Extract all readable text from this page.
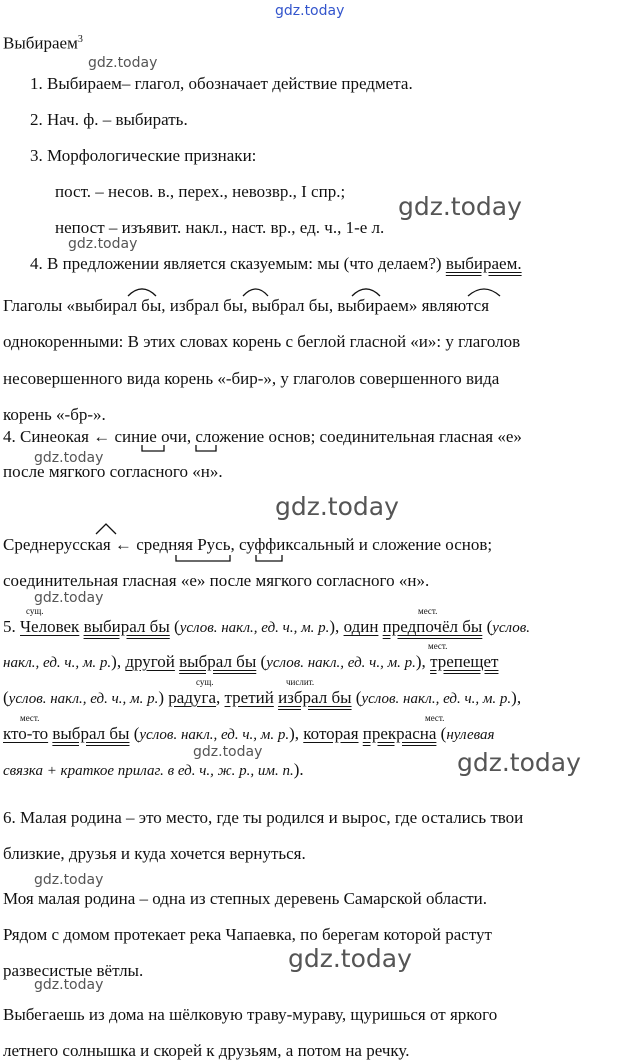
gdz.today
gdz.today
gdz.today
gdz.today
gdz.today
gdz.today
gdz.today
gdz.today	gdz.today
gdz.today
gdz.today
gdz.today
Выбираем$^3$
1. Выбираем– глагол, обозначает действие предмета.
2. Нач. ф. – выбирать.
3. Морфологические признаки:
пост. – несов. в., перех., невозвр., I спр.;
непост – изъявит. накл., наст. вр., ед. ч., 1-е л.
4. В предложении является сказуемым: мы (что делаем?) выбираем.
Глаголы «выбирал бы, избрал бы, выбрал бы, выбираем» являются
однокоренными: В этих словах корень с беглой гласной «и»: у глаголов
несовершенного вида корень «-бир-», у глаголов совершенного вида
корень «-бр-».
4. Синеокая ← синие очи, сложение основ; соединительная гласная «е»
после мягкого согласного «н».
Среднерусская ← средняя Русь, суффиксальный и сложение основ;
соединительная гласная «е» после мягкого согласного «н».
сущ.	мест.
5. Человек выбирал бы (услов. накл., ед. ч., м. р.), один предпочёл бы (услов.
мест.
накл., ед. ч., м. р.), другой выбрал бы (услов. накл., ед. ч., м. р.), трепещет
сущ.	числит.
(услов. накл., ед. ч., м. р.) радуга, третий избрал бы (услов. накл., ед. ч., м. р.),
мест.	мест.
кто-то выбрал бы (услов. накл., ед. ч., м. р.), которая прекрасна (нулевая
связка + краткое прилаг. в ед. ч., ж. р., им. п.).
6. Малая родина – это место, где ты родился и вырос, где остались твои
близкие, друзья и куда хочется вернуться.
Моя малая родина – одна из степных деревень Самарской области.
Рядом с домом протекает река Чапаевка, по берегам которой растут
развесистые вётлы.
Выбегаешь из дома на шёлковую траву-мураву, щуришься от яркого
летнего солнышка и скорей к друзьям, а потом на речку.
